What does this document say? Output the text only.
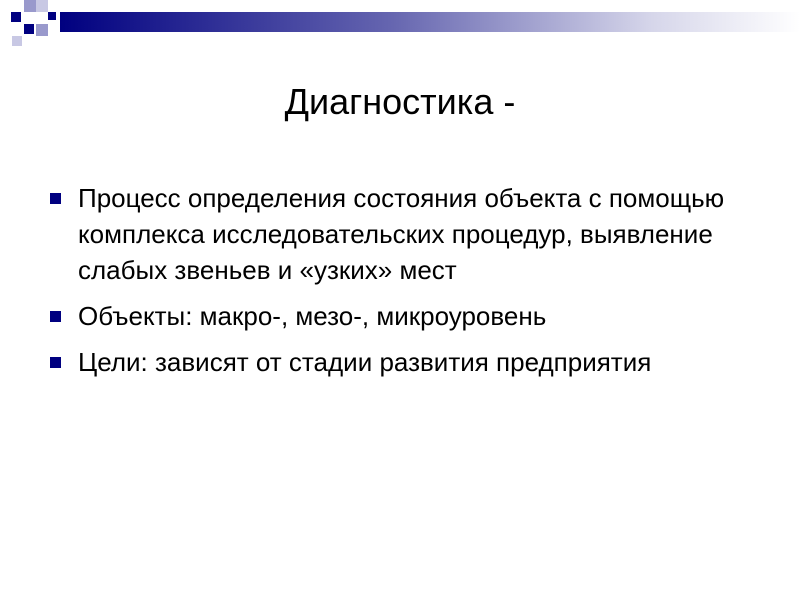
Диагностика -
Процесс определения состояния объекта с помощью комплекса исследовательских процедур, выявление слабых звеньев и «узких» мест
Объекты: макро-, мезо-, микроуровень
Цели: зависят от стадии развития предприятия
